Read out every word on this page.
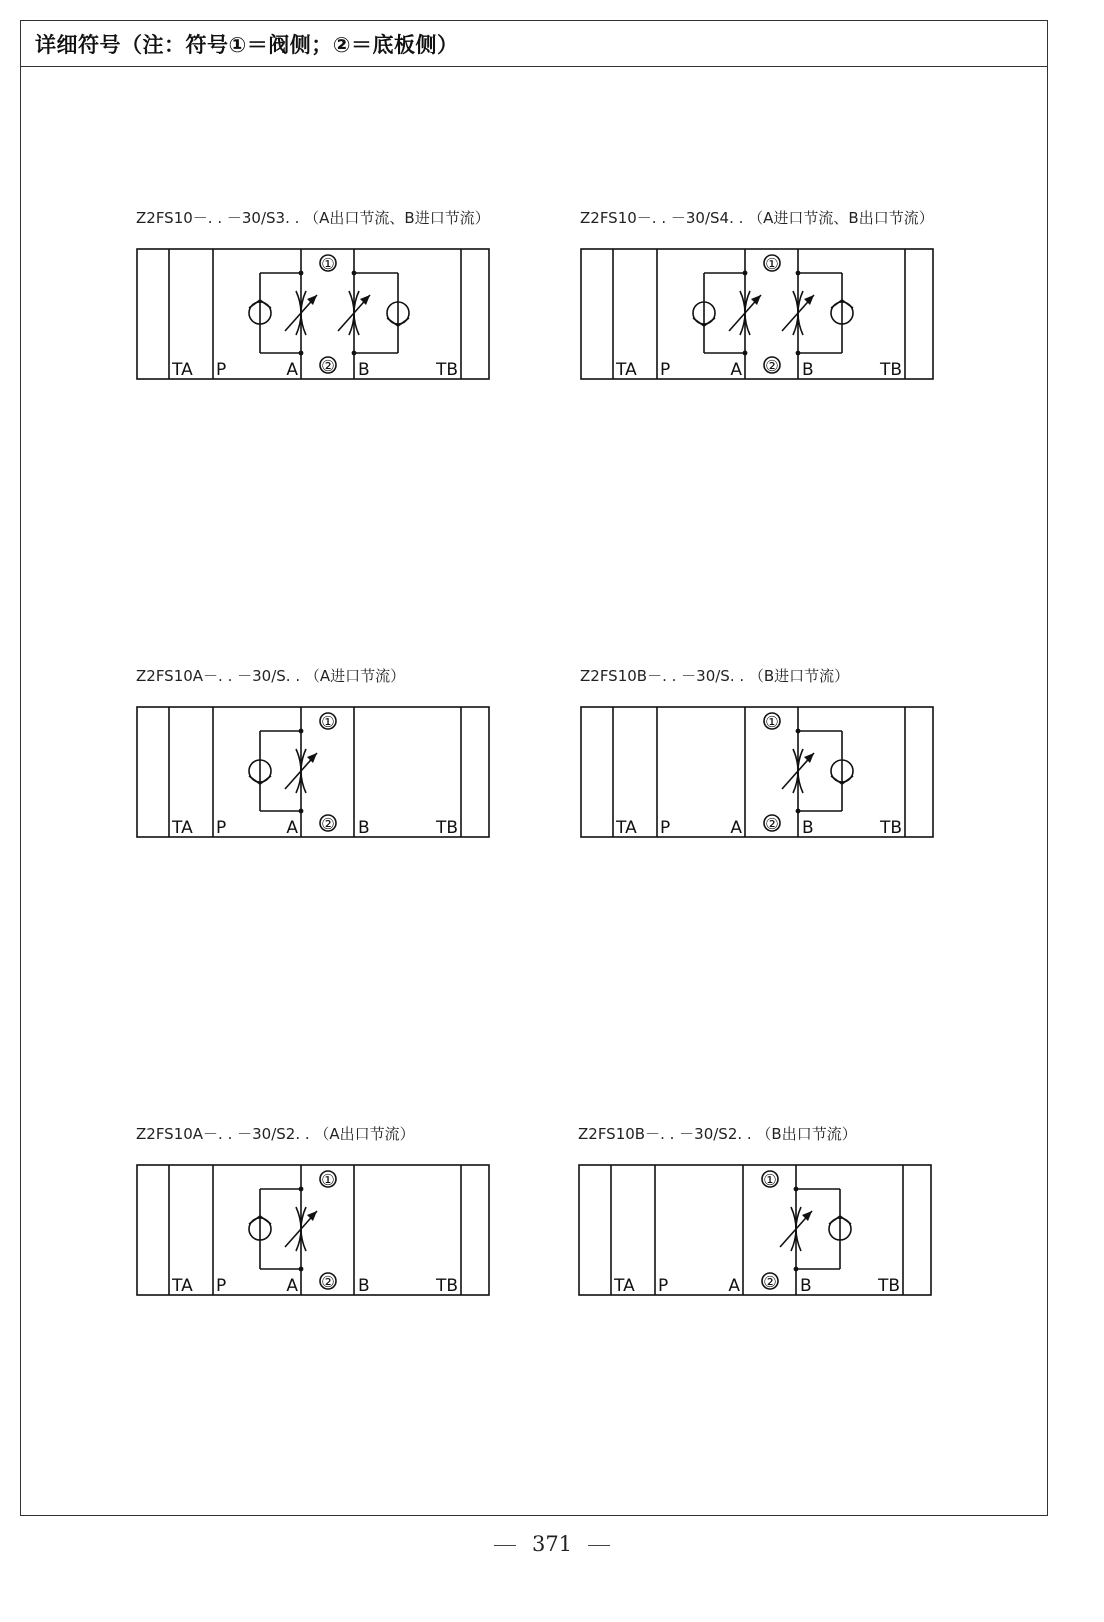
详细符号（注：符号①＝阀侧；②＝底板侧）
Z2FS10－. . －30/S3. . （A出口节流、B进口节流）
TA P	A	B	TB
①
②
Z2FS10－. . －30/S4. . （A进口节流、B出口节流）
TA P	A	B	TB
①
②
Z2FS10A－. . －30/S. . （A进口节流）
TA P	A	B	TB
①
②
Z2FS10B－. . －30/S. . （B进口节流）
TA P	A	B	TB
①
②
Z2FS10A－. . －30/S2. . （A出口节流）
TA P	A	B	TB
①
②
Z2FS10B－. . －30/S2. . （B出口节流）
TA P	A	B	TB
①
②
371
